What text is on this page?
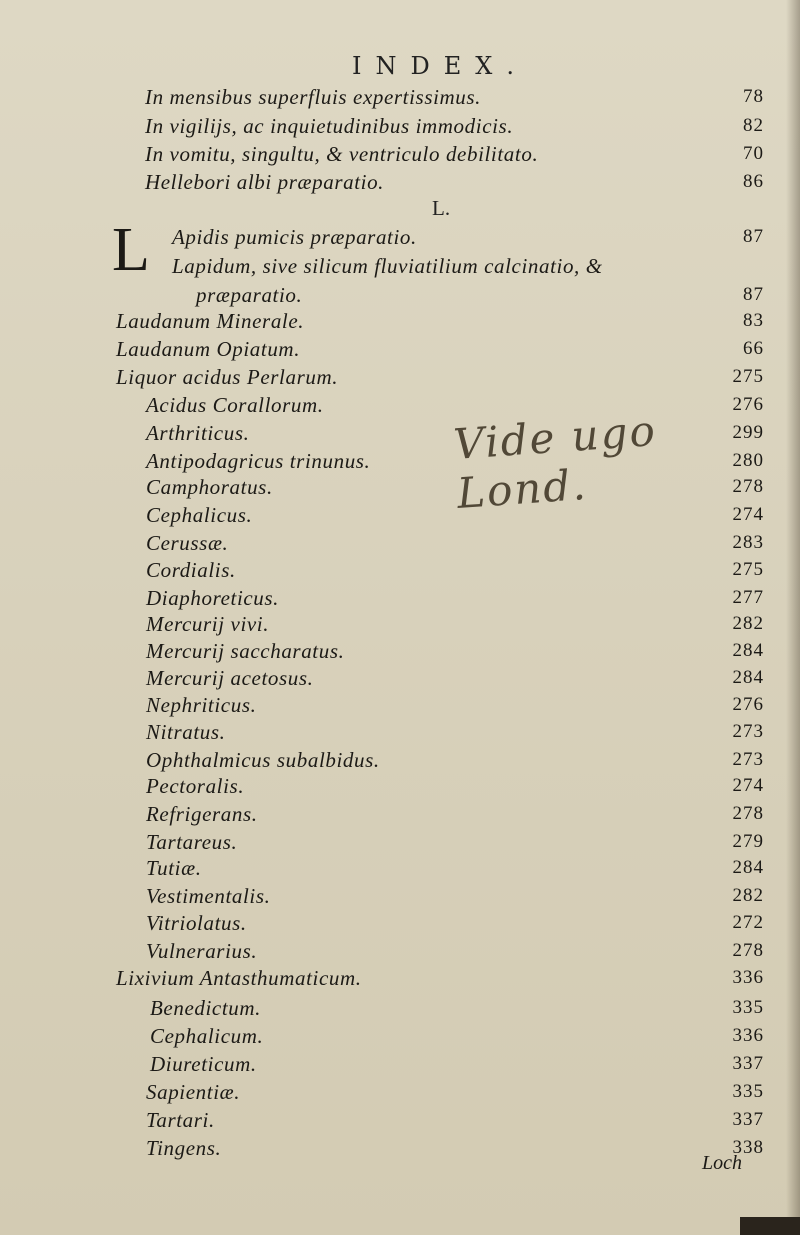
INDEX.
In mensibus superfluis expertissimus.	78
In vigilijs, ac inquietudinibus immodicis.	82
In vomitu, singultu, & ventriculo debilitato.	70
Hellebori albi præparatio.	86
L.
L Apidis pumicis præparatio.	87
Lapidum, sive silicum fluviatilium calcinatio, &
præparatio.	87
Laudanum Minerale.	83
Laudanum Opiatum.	66
Liquor acidus Perlarum.	275
Acidus Corallorum.	276
Arthriticus.	299
Antipodagricus trinunus.	280
Camphoratus.	278
Cephalicus.	274
Cerussæ.	283
Cordialis.	275
Diaphoreticus.	277
Mercurij vivi.	282
Mercurij saccharatus.	284
Mercurij acetosus.	284
Nephriticus.	276
Nitratus.	273
Ophthalmicus subalbidus.	273
Pectoralis.	274
Refrigerans.	278
Tartareus.	279
Tutiæ.	284
Vestimentalis.	282
Vitriolatus.	272
Vulnerarius.	278
Lixivium Antasthumaticum.	336
Benedictum.	335
Cephalicum.	336
Diureticum.	337
Sapientiæ.	335
Tartari.	337
Tingens.	338
Vide ugo Lond.
Loch
